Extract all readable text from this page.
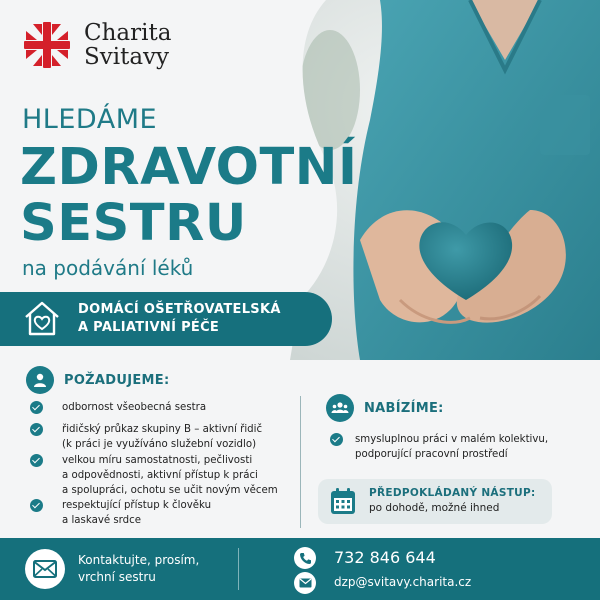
Charita
Svitavy
HLEDÁME
ZDRAVOTNÍ
SESTRU
na podávání léků
DOMÁCÍ OŠETŘOVATELSKÁ
A PALIATIVNÍ PÉČE
POŽADUJEME:
odbornost všeobecná sestra
řidičský průkaz skupiny B – aktivní řidič
(k práci je využíváno služební vozidlo)
velkou míru samostatnosti, pečlivosti
a odpovědnosti, aktivní přístup k práci
a spolupráci, ochotu se učit novým věcem
respektující přístup k člověku
a laskavé srdce
NABÍZÍME:
smysluplnou práci v malém kolektivu,
podporující pracovní prostředí
PŘEDPOKLÁDANÝ NÁSTUP:
po dohodě, možné ihned
Kontaktujte, prosím,
vrchní sestru
732 846 644
dzp@svitavy.charita.cz
